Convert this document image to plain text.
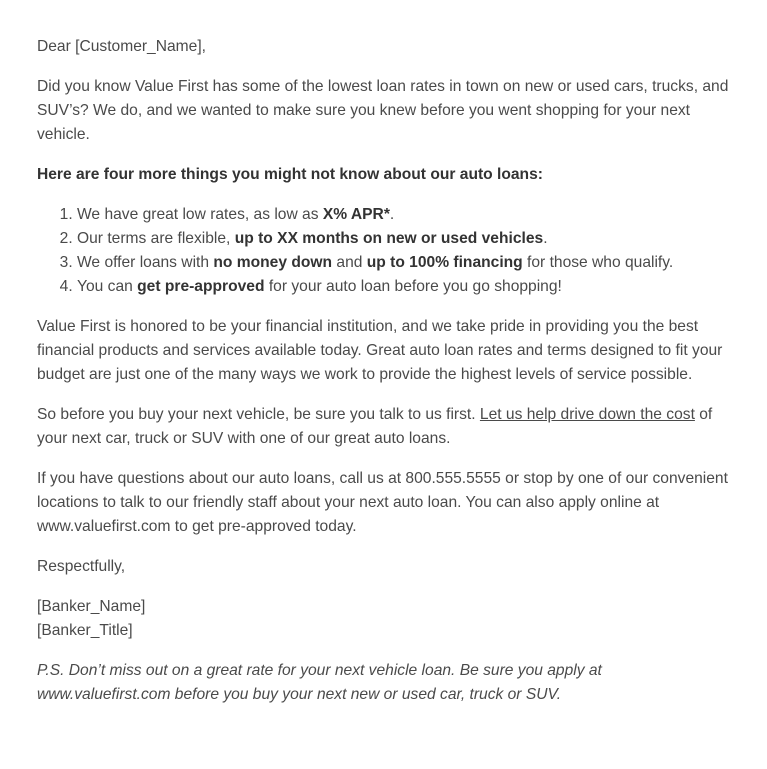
Dear [Customer_Name],

Did you know Value First has some of the lowest loan rates in town on new or used cars, trucks, and SUV’s? We do, and we wanted to make sure you knew before you went shopping for your next vehicle.

Here are four more things you might not know about our auto loans:

1. We have great low rates, as low as X% APR*.
2. Our terms are flexible, up to XX months on new or used vehicles.
3. We offer loans with no money down and up to 100% financing for those who qualify.
4. You can get pre-approved for your auto loan before you go shopping!

Value First is honored to be your financial institution, and we take pride in providing you the best financial products and services available today. Great auto loan rates and terms designed to fit your budget are just one of the many ways we work to provide the highest levels of service possible.

So before you buy your next vehicle, be sure you talk to us first. Let us help drive down the cost of your next car, truck or SUV with one of our great auto loans.

If you have questions about our auto loans, call us at 800.555.5555 or stop by one of our convenient locations to talk to our friendly staff about your next auto loan. You can also apply online at www.valuefirst.com to get pre-approved today.

Respectfully,

[Banker_Name]
[Banker_Title]

P.S. Don’t miss out on a great rate for your next vehicle loan. Be sure you apply at www.valuefirst.com before you buy your next new or used car, truck or SUV.
